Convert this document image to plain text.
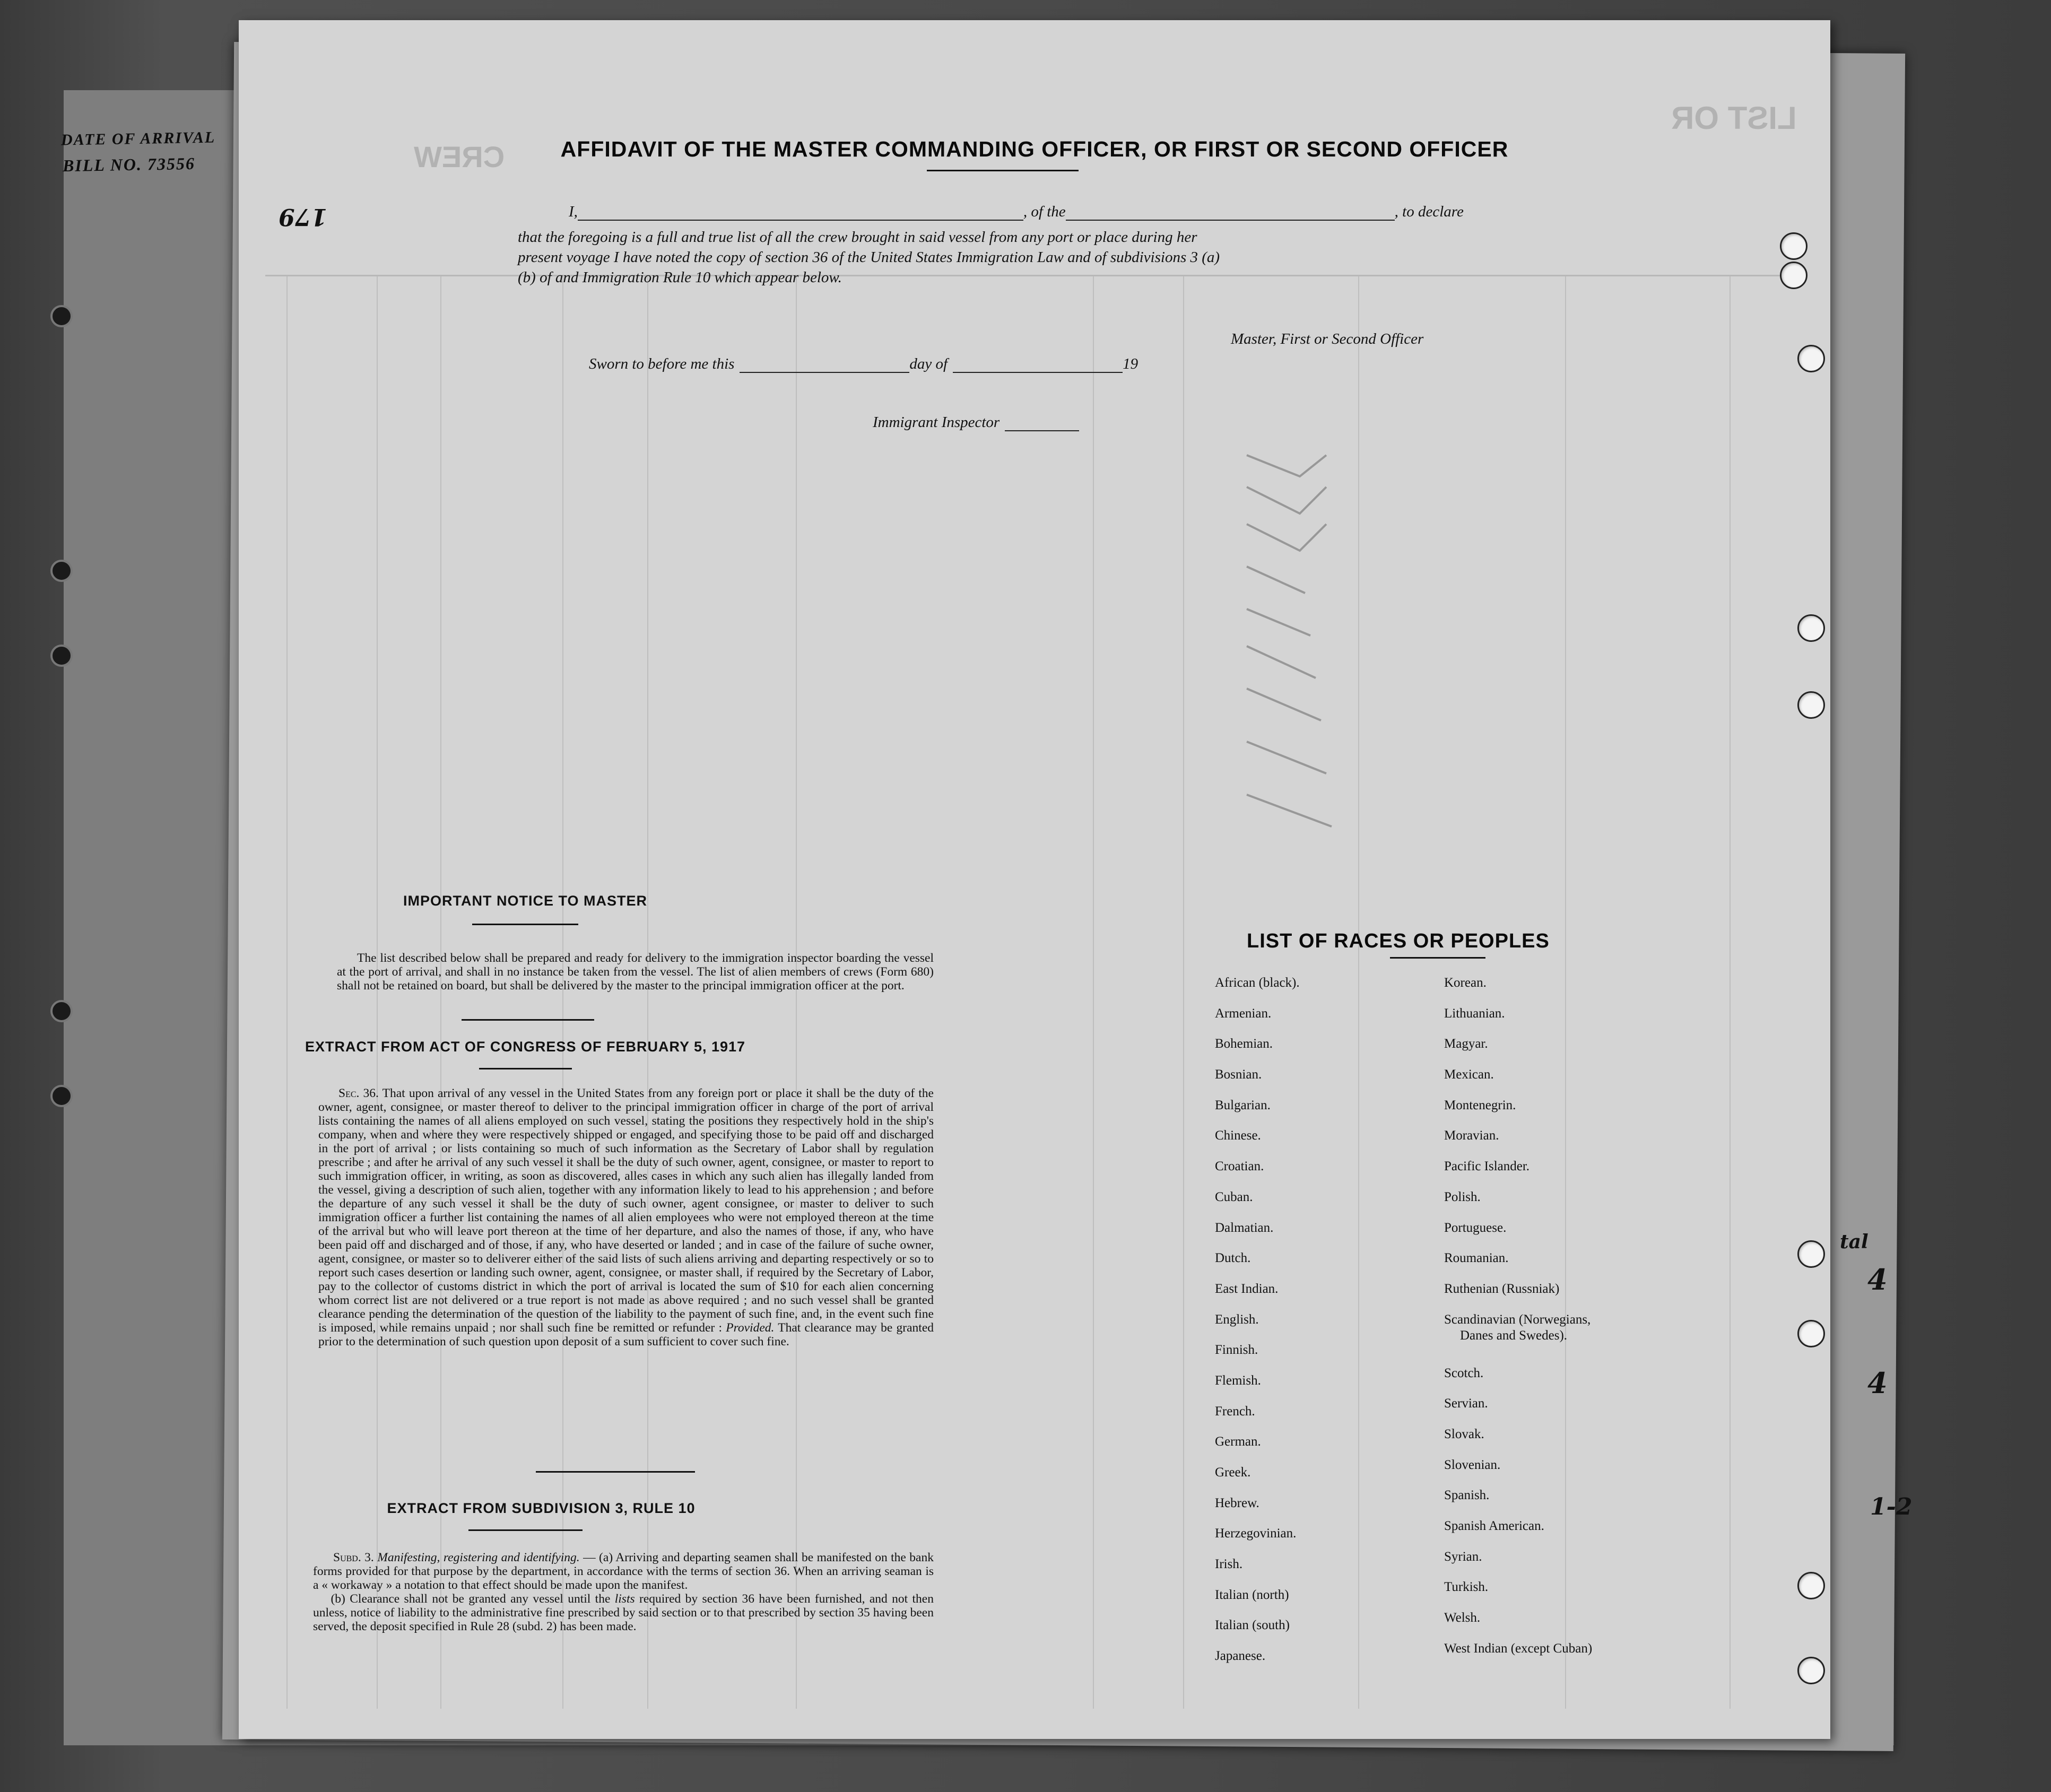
DATE OF ARRIVAL
BILL NO. 73556
LIST OR
CREW
179
AFFIDAVIT OF THE MASTER COMMANDING OFFICER, OR FIRST OR SECOND OFFICER
I,	, of the	, to declare
that the foregoing is a full and true list of all the crew brought in said vessel from any port or place during her
present voyage I have noted the copy of section 36 of the United States Immigration Law and of subdivisions 3 (a)
(b) of and Immigration Rule 10 which appear below.
Master, First or Second Officer
Sworn to before me this	day of	19
Immigrant Inspector
IMPORTANT NOTICE TO MASTER
The list described below shall be prepared and ready for delivery to the immigration inspector boarding the vessel at the port of arrival, and shall in no instance be taken from the vessel. The list of alien members of crews (Form 680) shall not be retained on board, but shall be delivered by the master to the principal immigration officer at the port.
EXTRACT FROM ACT OF CONGRESS OF FEBRUARY 5, 1917
Sec. 36. That upon arrival of any vessel in the United States from any foreign port or place it shall be the duty of the owner, agent, consignee, or master thereof to deliver to the principal immigration officer in charge of the port of arrival lists containing the names of all aliens employed on such vessel, stating the positions they respectively hold in the ship's company, when and where they were respectively shipped or engaged, and specifying those to be paid off and discharged in the port of arrival ; or lists containing so much of such information as the Secretary of Labor shall by regulation prescribe ; and after he arrival of any such vessel it shall be the duty of such owner, agent, consignee, or master to report to such immigration officer, in writing, as soon as discovered, alles cases in which any such alien has illegally landed from the vessel, giving a description of such alien, together with any information likely to lead to his apprehension ; and before the departure of any such vessel it shall be the duty of such owner, agent consignee, or master to deliver to such immigration officer a further list containing the names of all alien employees who were not employed thereon at the time of the arrival but who will leave port thereon at the time of her departure, and also the names of those, if any, who have been paid off and discharged and of those, if any, who have deserted or landed ; and in case of the failure of suche owner, agent, consignee, or master so to deliverer either of the said lists of such aliens arriving and departing respectively or so to report such cases desertion or landing such owner, agent, consignee, or master shall, if required by the Secretary of Labor, pay to the collector of customs district in which the port of arrival is located the sum of $10 for each alien concerning whom correct list are not delivered or a true report is not made as above required ; and no such vessel shall be granted clearance pending the determination of the question of the liability to the payment of such fine, and, in the event such fine is imposed, while remains unpaid ; nor shall such fine be remitted or refunder : Provided. That clearance may be granted prior to the determination of such question upon deposit of a sum sufficient to cover such fine.
EXTRACT FROM SUBDIVISION 3, RULE 10
Subd. 3. Manifesting, registering and identifying. — (a) Arriving and departing seamen shall be manifested on the bank forms provided for that purpose by the department, in accordance with the terms of section 36. When an arriving seaman is a « workaway » a notation to that effect should be made upon the manifest.
(b) Clearance shall not be granted any vessel until the lists required by section 36 have been furnished, and not then unless, notice of liability to the administrative fine prescribed by said section or to that prescribed by section 35 having been served, the deposit specified in Rule 28 (subd. 2) has been made.
LIST OF RACES OR PEOPLES
African (black).
Armenian.
Bohemian.
Bosnian.
Bulgarian.
Chinese.
Croatian.
Cuban.
Dalmatian.
Dutch.
East Indian.
English.
Finnish.
Flemish.
French.
German.
Greek.
Hebrew.
Herzegovinian.
Irish.
Italian (north)
Italian (south)
Japanese.
Korean.
Lithuanian.
Magyar.
Mexican.
Montenegrin.
Moravian.
Pacific Islander.
Polish.
Portuguese.
Roumanian.
Ruthenian (Russniak)
Scandinavian (Norwegians,
Danes and Swedes).
Scotch.
Servian.
Slovak.
Slovenian.
Spanish.
Spanish American.
Syrian.
Turkish.
Welsh.
West Indian (except Cuban)
tal
4
4
1-2
